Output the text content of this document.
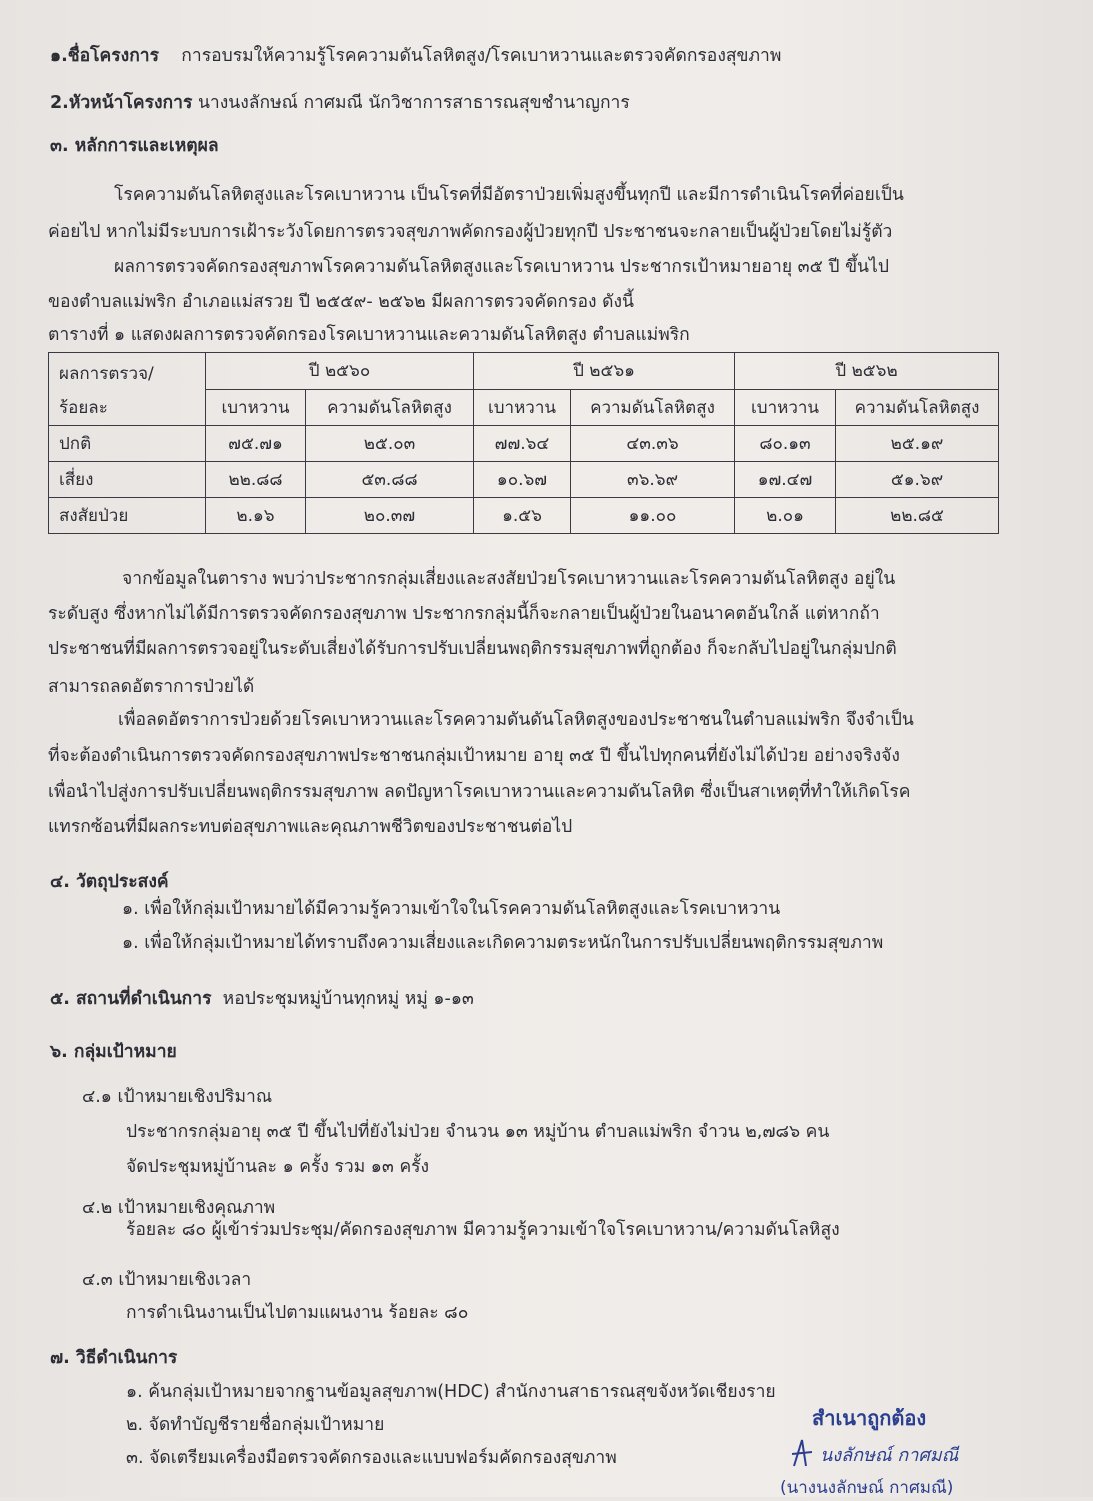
๑.ชื่อโครงการ การอบรมให้ความรู้โรคความดันโลหิตสูง/โรคเบาหวานและตรวจคัดกรองสุขภาพ
2.หัวหน้าโครงการ นางนงลักษณ์ กาศมณี นักวิชาการสาธารณสุขชำนาญการ
๓. หลักการและเหตุผล
โรคความดันโลหิตสูงและโรคเบาหวาน เป็นโรคที่มีอัตราป่วยเพิ่มสูงขึ้นทุกปี และมีการดำเนินโรคที่ค่อยเป็น
ค่อยไป หากไม่มีระบบการเฝ้าระวังโดยการตรวจสุขภาพคัดกรองผู้ป่วยทุกปี ประชาชนจะกลายเป็นผู้ป่วยโดยไม่รู้ตัว
ผลการตรวจคัดกรองสุขภาพโรคความดันโลหิตสูงและโรคเบาหวาน ประชากรเป้าหมายอายุ ๓๕ ปี ขึ้นไป
ของตำบลแม่พริก อำเภอแม่สรวย ปี ๒๕๕๙- ๒๕๖๒ มีผลการตรวจคัดกรอง ดังนี้
ตารางที่ ๑ แสดงผลการตรวจคัดกรองโรคเบาหวานและความดันโลหิตสูง ตำบลแม่พริก
ผลการตรวจ/
ร้อยละ	ปี ๒๕๖๐		ปี ๒๕๖๑		ปี ๒๕๖๒	
	เบาหวาน	ความดันโลหิตสูง	เบาหวาน	ความดันโลหิตสูง	เบาหวาน	ความดันโลหิตสูง
ปกติ	๗๕.๗๑	๒๕.๐๓	๗๗.๖๔	๔๓.๓๖	๘๐.๑๓	๒๕.๑๙
เสี่ยง	๒๒.๘๘	๕๓.๘๘	๑๐.๖๗	๓๖.๖๙	๑๗.๔๗	๕๑.๖๙
สงสัยป่วย	๒.๑๖	๒๐.๓๗	๑.๕๖	๑๑.๐๐	๒.๐๑	๒๒.๘๕
จากข้อมูลในตาราง พบว่าประชากรกลุ่มเสี่ยงและสงสัยป่วยโรคเบาหวานและโรคความดันโลหิตสูง อยู่ใน
ระดับสูง ซึ่งหากไม่ได้มีการตรวจคัดกรองสุขภาพ ประชากรกลุ่มนี้ก็จะกลายเป็นผู้ป่วยในอนาคตอันใกล้ แต่หากถ้า
ประชาชนที่มีผลการตรวจอยู่ในระดับเสี่ยงได้รับการปรับเปลี่ยนพฤติกรรมสุขภาพที่ถูกต้อง ก็จะกลับไปอยู่ในกลุ่มปกติ
สามารถลดอัตราการป่วยได้
เพื่อลดอัตราการป่วยด้วยโรคเบาหวานและโรคความดันดันโลหิตสูงของประชาชนในตำบลแม่พริก จึงจำเป็น
ที่จะต้องดำเนินการตรวจคัดกรองสุขภาพประชาชนกลุ่มเป้าหมาย อายุ ๓๕ ปี ขึ้นไปทุกคนที่ยังไม่ได้ป่วย อย่างจริงจัง
เพื่อนำไปสู่งการปรับเปลี่ยนพฤติกรรมสุขภาพ ลดปัญหาโรคเบาหวานและความดันโลหิต ซึ่งเป็นสาเหตุที่ทำให้เกิดโรค
แทรกซ้อนที่มีผลกระทบต่อสุขภาพและคุณภาพชีวิตของประชาชนต่อไป
๔. วัตถุประสงค์
๑. เพื่อให้กลุ่มเป้าหมายได้มีความรู้ความเข้าใจในโรคความดันโลหิตสูงและโรคเบาหวาน
๑. เพื่อให้กลุ่มเป้าหมายได้ทราบถึงความเสี่ยงและเกิดความตระหนักในการปรับเปลี่ยนพฤติกรรมสุขภาพ
๕. สถานที่ดำเนินการ หอประชุมหมู่บ้านทุกหมู่ หมู่ ๑-๑๓
๖. กลุ่มเป้าหมาย
๔.๑ เป้าหมายเชิงปริมาณ
ประชากรกลุ่มอายุ ๓๕ ปี ขึ้นไปที่ยังไม่ป่วย จำนวน ๑๓ หมู่บ้าน ตำบลแม่พริก จำวน ๒,๗๘๖ คน
จัดประชุมหมู่บ้านละ ๑ ครั้ง รวม ๑๓ ครั้ง
๔.๒ เป้าหมายเชิงคุณภาพ
ร้อยละ ๘๐ ผู้เข้าร่วมประชุม/คัดกรองสุขภาพ มีความรู้ความเข้าใจโรคเบาหวาน/ความดันโลหิสูง
๔.๓ เป้าหมายเชิงเวลา
การดำเนินงานเป็นไปตามแผนงาน ร้อยละ ๘๐
๗. วิธีดำเนินการ
๑. ค้นกลุ่มเป้าหมายจากฐานข้อมูลสุขภาพ(HDC) สำนักงานสาธารณสุขจังหวัดเชียงราย
๒. จัดทำบัญชีรายชื่อกลุ่มเป้าหมาย
๓. จัดเตรียมเครื่องมือตรวจคัดกรองและแบบฟอร์มคัดกรองสุขภาพ
สำเนาถูกต้อง
นงลักษณ์ กาศมณี
(นางนงลักษณ์ กาศมณี)
